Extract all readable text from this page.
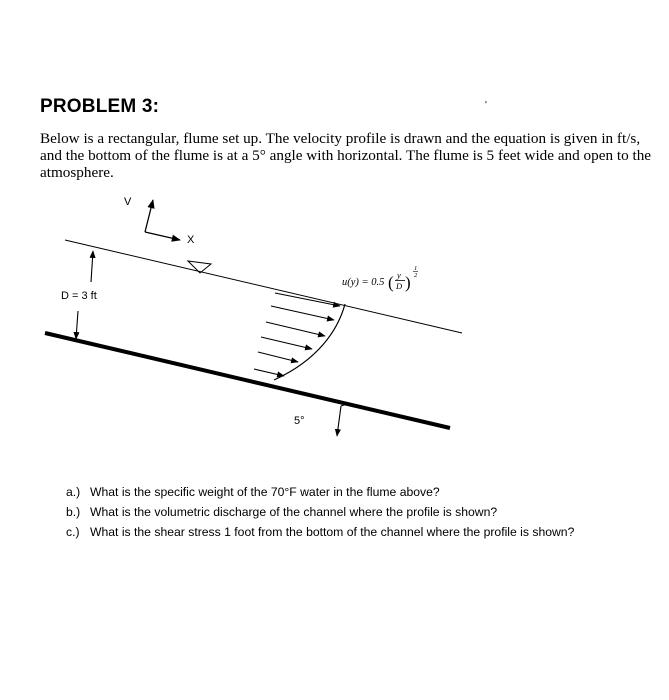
PROBLEM 3:	'
Below is a rectangular, flume set up. The velocity profile is drawn and the equation is given in ft/s, and the bottom of the flume is at a 5° angle with horizontal. The flume is 5 feet wide and open to the atmosphere.
V
X
D = 3 ft
5°
u(y) = 0.5 ( y
D )
1
2
a.) What is the specific weight of the 70°F water in the flume above?
b.) What is the volumetric discharge of the channel where the profile is shown?
c.) What is the shear stress 1 foot from the bottom of the channel where the profile is shown?
